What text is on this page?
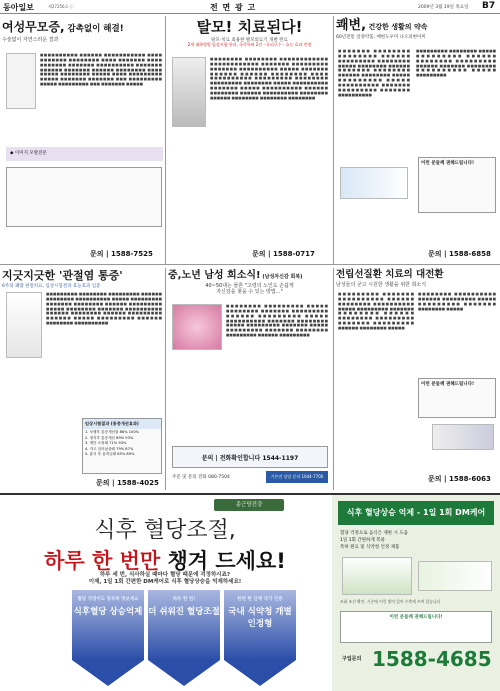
동아일보	제27256호 ㉡	전 면 광 고	2009년 3월 19일 목요일 B7
여성무모증, 감촉없이 해결!
수술없이 자연스러운 결과
■■■■■■■■■■ ■■■■■■ ■■■■■■■■■■■ ■■■■ ■■■■■■■ ■■■■■■■■ ■■■■ ■■■■■■■ ■■■■ ■■■■■■■ ■■■■■■■ ■■■■■■■■■■ ■■■■■■■ ■■■■■■ ■■■■■■■ ■■■■■■ ■■■■■■■■ ■■■■ ■■■■■ ■■■■■■■■ ■■■■■ ■■■■ ■■■■■■■■■ ■■■■■ ■■■■■■■ ■■■■■■■ ■■■ ■■■■■■■■■ ■■■■■ ■■■■■■■■■ ■■■ ■■■■■■■ ■■■■■
◆ 이미지 모발전문
문의 | 1588-7525
탈모! 치료된다!
탈모·치료 외용한 발모의료기 개발 완료
2개 대학병원 임상시험 통과, 국가특허 2건 - 독피로수 - 효능 효과 인정
■■■■■■■■ ■■■■■■■■ ■■■■■■■■■■■■ ■■■■■■■■■■■■ ■■■■■■■ ■■■■■■■■■ ■■■■■■■ ■■■■■■■■■■ ■■■■■ ■■■■■■■ ■■■■■■ ■■■■■■ ■■■■■■■■ ■■■■ ■■■■■■■■■■ ■■■■■■■■■ ■■■■■■■■ ■■■■■■■■■ ■■■■■■■■ ■■■■■ ■■■■■■■■■■ ■■■■■■■ ■■■■■ ■■■■■■■■■■ ■■■■■■ ■■■■■■■■ ■■■■■■ ■■■■■■■■■■ ■■■■■■■■ ■■■■■■ ■■■■■■■■ ■■■■■■■■ ■■■■■■■■
문의 | 1588-0717
쾌변, 건강한 생활의 약속
60년전통 일양약품, 배변도우미 나오의변아미
■■■■■■■ ■■■■■■■■ ■■■■■■■■ ■■■■■■ ■■■■■■■■■ ■■■■■■■■ ■■■■■ ■■■■■■■■ ■■■■■■ ■■■■■■■ ■■■■■■■■ ■■■■■■ ■■■■■■■■ ■■■■■ ■■■■■■■■■ ■■■■■ ■■■■■■■■■■ ■■■■■■■ ■■■■■■■■■ ■■■■■■■ ■■■■■■■■■■
■■■■■■■■■ ■■■■■■■■ ■■■■■ ■■■■■■■■■ ■■■■■■ ■■■■■■■■ ■■■■■■■■■ ■■■■■■ ■■■■■■■ ■■■■■■■■ ■■■■■■■■■■ ■■■■■ ■■■■■■■■■
이런 분들께 권해드립니다!
문의 | 1588-6858
지긋지긋한 '관절염 통증'
6주의 꽤땀 관절치료, 임상시험결과 효능효과 입증
■■■■■■■■■ ■■■■■■■■ ■■■■■■■■■ ■■■■■■ ■■■■■■■■ ■■■■■■■■■■ ■■■■■ ■■■■■■■■■ ■■■■■■■ ■■■■■■■■ ■■■■■■ ■■■■■■■■■ ■■■■■ ■■■■■■■■ ■■■■■■■ ■■■■■■■■■■ ■■■■■■ ■■■■■■■■ ■■■■■■ ■■■■■■■■■ ■■■■■■ ■■■■■ ■■■■■■■■■ ■■■■■■ ■■■■■■■■ ■■■■■■■■■■
임상시험결과 (통증개선효과)
1. 보행후 통증개선률 86% 100%
2. 정지후 통증개선 89% 93%
3. 계단 오를때 71% 93%
4. 자고 일어났을때 79% 87%
5. 휴식 후 움직일때 85% 89%
문의 | 1588-4025
중,노년 남성 희소식! (남성자신감 회복)
40~50대는 물론 "고령의 노인도 손쉽게
자신감을 찾을 수 있는 방법..."
■■■■■■■■ ■■■■■■■■■ ■■■■■ ■■■■■■■■ ■■■■■■■ ■■■■■■■■■ ■■■■■■ ■■■■■■■■■ ■■■■■ ■■■■■■■■■■ ■■■■■■■ ■■■■■■■■ ■■■■■ ■■■■■■■■■ ■■■■■■■ ■■■■■ ■■■■■■■■■ ■■■■■■■ ■■■■■■■■ ■■■■■■■■■ ■■■■■■ ■■■■■■■■■
문의 | 전화확인합니다 1544-1197
주문 및 문의 전화 080-7504	기본전 상담 문의 1644-7700
전립선질환 치료의 대전환
남성들의 굳고 시원한 생활을 위한 희소식
■■■■■■■■■ ■■■■■■■ ■■■■■■■■■■ ■■■■■■ ■■■■■■■■ ■■■■■■■■■■ ■■■■■ ■■■■■■■■■ ■■■■■■■ ■■■■■■■■ ■■■■■■ ■■■■■■■■ ■■■■■■■■■ ■■■■■■■ ■■■■■■■■■ ■■■■■■ ■■■■■■■■ ■■■■■
■■■■■■■■ ■■■■■■■■■■ ■■■■■■ ■■■■■■■■■ ■■■■■ ■■■■■■■■■ ■■■■■■■ ■■■■■■■■ ■■■■■
이런 분들께 권해드립니다!
문의 | 1588-6063
종근당건강
식후 혈당조절,
하루 한 번만 챙겨 드세요!
하루 세 번, 식사하실 때마다 혈당 때문에 걱정하시죠?
이제, 1일 1회 간편한 DM케어로 식후 혈당상승을 억제하세요!
혈당 걱정이도 당부족 맛보세요
식후혈당 상승억제
하루 한 번!
더 쉬워진 혈당조절
한번 한 단계 국가 인증
국내 식약청 개별 인정형
식후 혈당상승 억제 - 1일 1회 DM케어
혈당 걱정으로 음식은 제한 시 도움
1일 1회 간편하게 복용
특허 원료 및 식약청 인정 제품
조화 조건 확인: 기존에 이런 방이 있어 우측에 쓰여 있습니다
이런 분들께 권해드립니다!
구입문의 1588-4685
